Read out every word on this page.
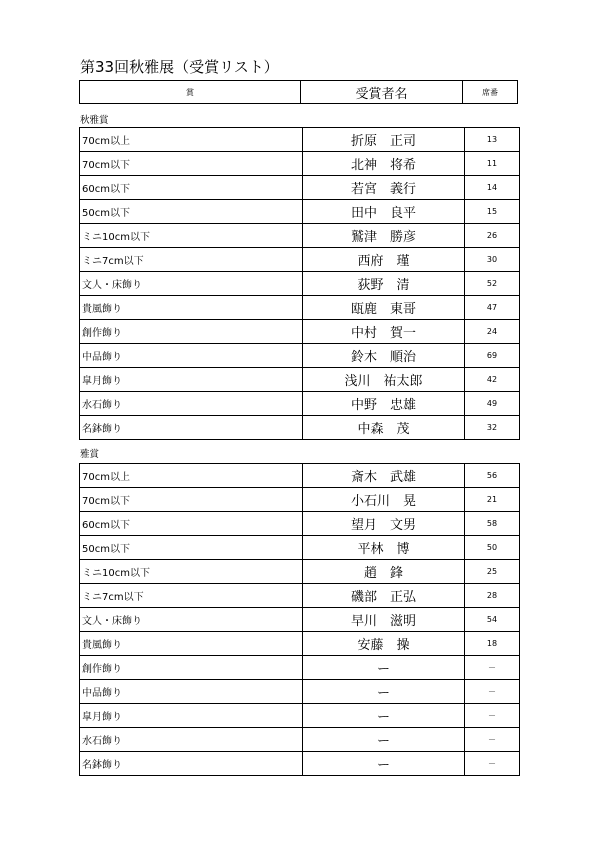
第33回秋雅展（受賞リスト）
賞	受賞者名	席番
秋雅賞
70cm以上	折原　正司	13
70cm以下	北神　将希	11
60cm以下	若宮　義行	14
50cm以下	田中　良平	15
ミニ10cm以下	鷲津　勝彦	26
ミニ7cm以下	西府　瑾	30
文人・床飾り	荻野　清	52
貴風飾り	瓯鹿　東哥	47
創作飾り	中村　賀一	24
中品飾り	鈴木　順治	69
皐月飾り	浅川　祐太郎	42
水石飾り	中野　忠雄	49
名鉢飾り	中森　茂	32
雅賞
70cm以上	斎木　武雄	56
70cm以下	小石川　晃	21
60cm以下	望月　文男	58
50cm以下	平林　博	50
ミニ10cm以下	趙　鋒	25
ミニ7cm以下	磯部　正弘	28
文人・床飾り	早川　滋明	54
貴風飾り	安藤　操	18
創作飾り	ー	－
中品飾り	ー	－
皐月飾り	ー	－
水石飾り	ー	－
名鉢飾り	ー	－
